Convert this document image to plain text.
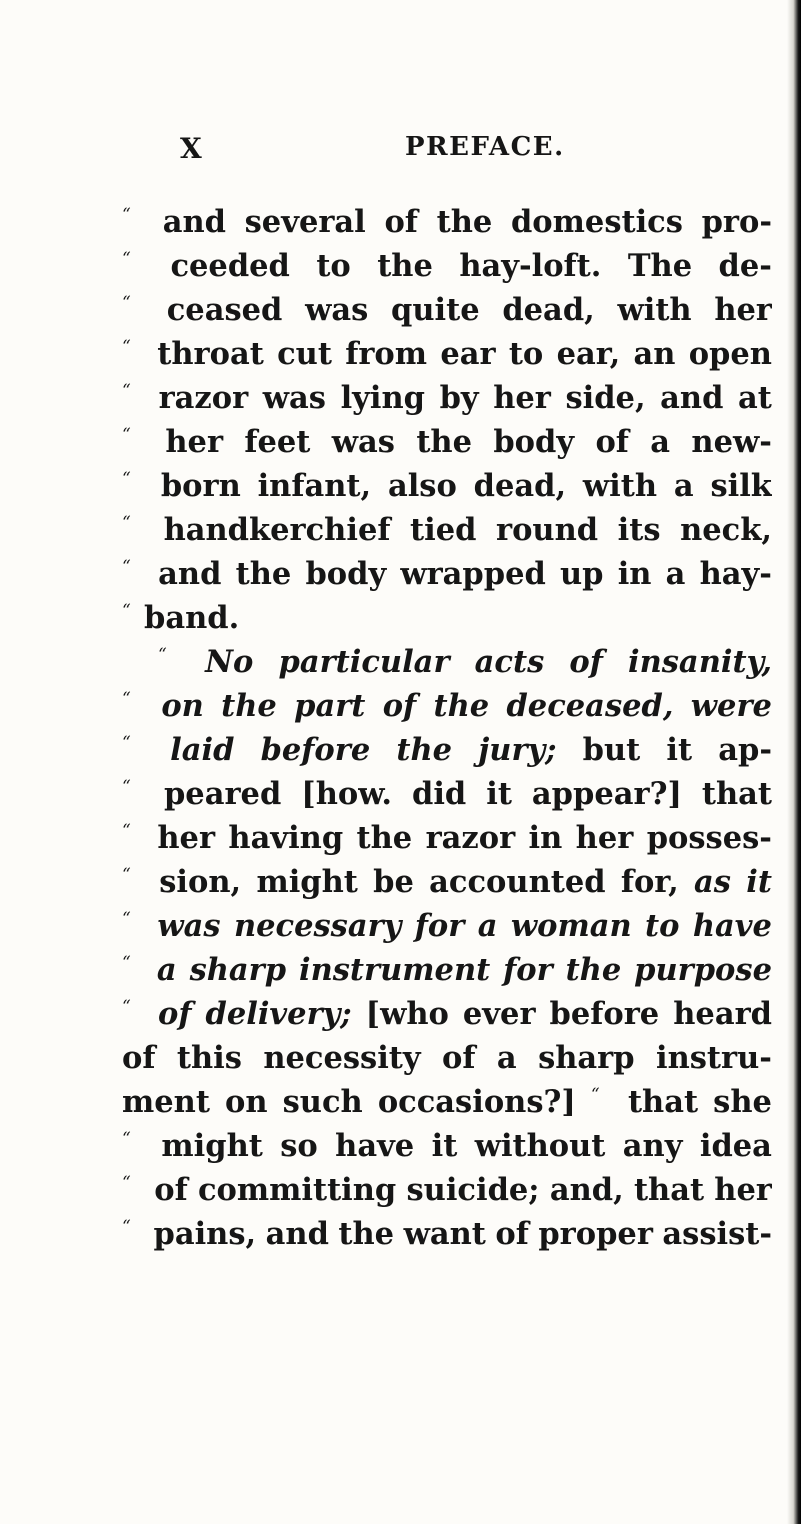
X	PREFACE.
“	and several of the domestics pro-
“	ceeded to the hay-loft. The de-
“	ceased was quite dead, with her
“ throat cut from ear to ear, an open
“ razor was lying by her side, and at
“	her feet was the body of a new-
“ born infant, also dead, with a silk
“	handkerchief tied round its neck,
“ and the body wrapped up in a hay-
“ band.
“	No particular acts of insanity,
“	on the part of the deceased, were
“	laid before the jury; but it ap-
“	peared [how. did it appear?] that
“ her having the razor in her posses-
“ sion, might be accounted for, as it
“ was necessary for a woman to have
“ a sharp instrument for the purpose
“ of delivery; [who ever before heard
of this necessity of a sharp instru-
ment on such occasions?] “ that she
“	might so have it without any idea
“ of committing suicide; and, that her
“ pains, and the want of proper assist-
